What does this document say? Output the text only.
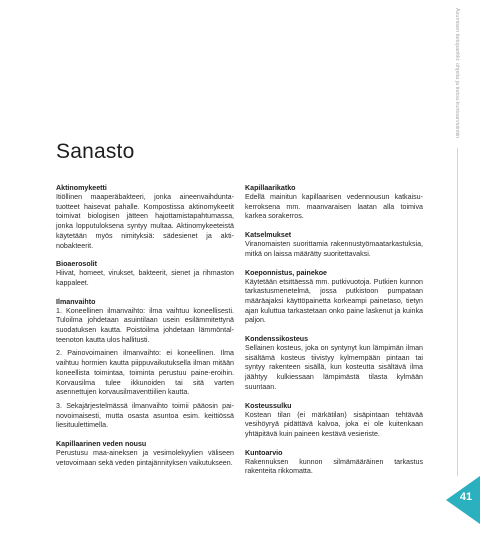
Asumisen tietopankki: ohjeita ja tietoa kuntoarviointiin
Sanasto
Aktinomykeetti

Itiöllinen maaperäbakteeri, jonka aineenvaihduntatuotteet haisevat pahalle. Kompostissa aktinomykeetit toimivat biologisen jätteen hajottamistapahtumassa, jonka lopputuloksena syntyy multaa. Aktinomykeeteistä käytetään myös nimityksiä: sädesienet ja aktinobakteerit.

Bioaerosolit

Hiivat, homeet, virukset, bakteerit, sienet ja rihmaston kappaleet.

Ilmanvaihto

1. Koneellinen ilmanvaihto: ilma vaihtuu koneellisesti. Tuloilma johdetaan asuintilaan usein esilämmitettynä suodatuksen kautta. Poistoilma johdetaan lämmöntalteenoton kautta ulos hallitusti.

2. Painovoimainen ilmanvaihto: ei koneellinen. Ilma vaihtuu hormien kautta piippuvaikutuksella ilman mitään koneellista toimintaa, toiminta perustuu paine-eroihin. Korvausilma tulee ikkunoiden tai sitä varten asennettujen korvausilmaventtiilien kautta.

3. Sekajärjestelmässä ilmanvaihto toimii pääosin painovoimaisesti, mutta osasta asuntoa esim. keittiössä liesituulettimella.

Kapillaarinen veden nousu

Perustusu maa-aineksen ja vesimolekyylien väliseen vetovoimaan sekä veden pintajännityksen vaikutukseen.

Kapillaarikatko

Edellä mainitun kapillaarisen vedennousun katkaisukerroksena mm. maanvaraisen laatan alla toimiva karkea sorakerros.

Katselmukset

Viranomaisten suorittamia rakennustyömaatarkastuksia, mitkä on laissa määrätty suoritettavaksi.

Koeponnistus, painekoe

Käytetään etsittäessä mm. putkivuotoja. Putkien kunnon tarkastusmenetelmä, jossa putkistoon pumpataan määräajaksi käyttöpainetta korkeampi painetaso, tietyn ajan kuluttua tarkastetaan onko paine laskenut ja kuinka paljon.

Kondenssikosteus

Sellainen kosteus, joka on syntynyt kun lämpimän ilman sisältämä kosteus tiivistyy kylmempään pintaan tai syntyy rakenteen sisällä, kun kosteutta sisältävä ilma jäähtyy kulkiessaan lämpimästä tilasta kylmään suuntaan.

Kosteussulku

Kostean tilan (ei märkätilan) sisäpintaan tehtävää vesihöyryä pidättävä kalvoa, joka ei ole kuitenkaan yhtäpitävä kuin paineen kestävä vesieriste.

Kuntoarvio

Rakennuksen kunnon silmämääräinen tarkastus rakenteita rikkomatta.

41
